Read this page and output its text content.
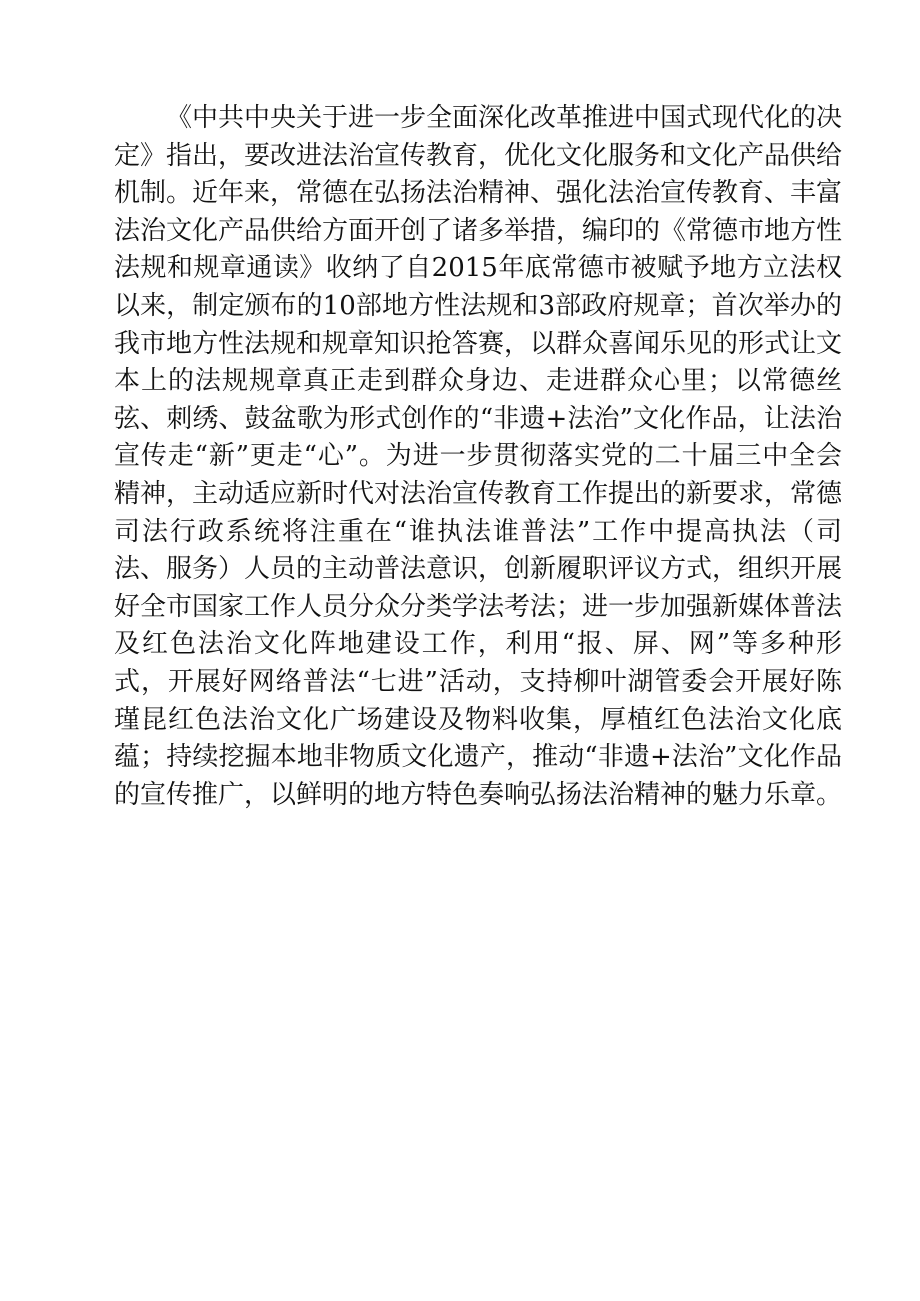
《中共中央关于进一步全面深化改革推进中国式现代化的决定》指出，要改进法治宣传教育，优化文化服务和文化产品供给机制。近年来，常德在弘扬法治精神、强化法治宣传教育、丰富法治文化产品供给方面开创了诸多举措，编印的《常德市地方性法规和规章通读》收纳了自2015年底常德市被赋予地方立法权以来，制定颁布的10部地方性法规和3部政府规章；首次举办的我市地方性法规和规章知识抢答赛，以群众喜闻乐见的形式让文本上的法规规章真正走到群众身边、走进群众心里；以常德丝弦、刺绣、鼓盆歌为形式创作的“非遗+法治”文化作品，让法治宣传走“新”更走“心”。为进一步贯彻落实党的二十届三中全会精神，主动适应新时代对法治宣传教育工作提出的新要求，常德司法行政系统将注重在“谁执法谁普法”工作中提高执法（司法、服务）人员的主动普法意识，创新履职评议方式，组织开展好全市国家工作人员分众分类学法考法；进一步加强新媒体普法及红色法治文化阵地建设工作，利用“报、屏、网”等多种形式，开展好网络普法“七进”活动，支持柳叶湖管委会开展好陈瑾昆红色法治文化广场建设及物料收集，厚植红色法治文化底蕴；持续挖掘本地非物质文化遗产，推动“非遗+法治”文化作品的宣传推广，以鲜明的地方特色奏响弘扬法治精神的魅力乐章。
